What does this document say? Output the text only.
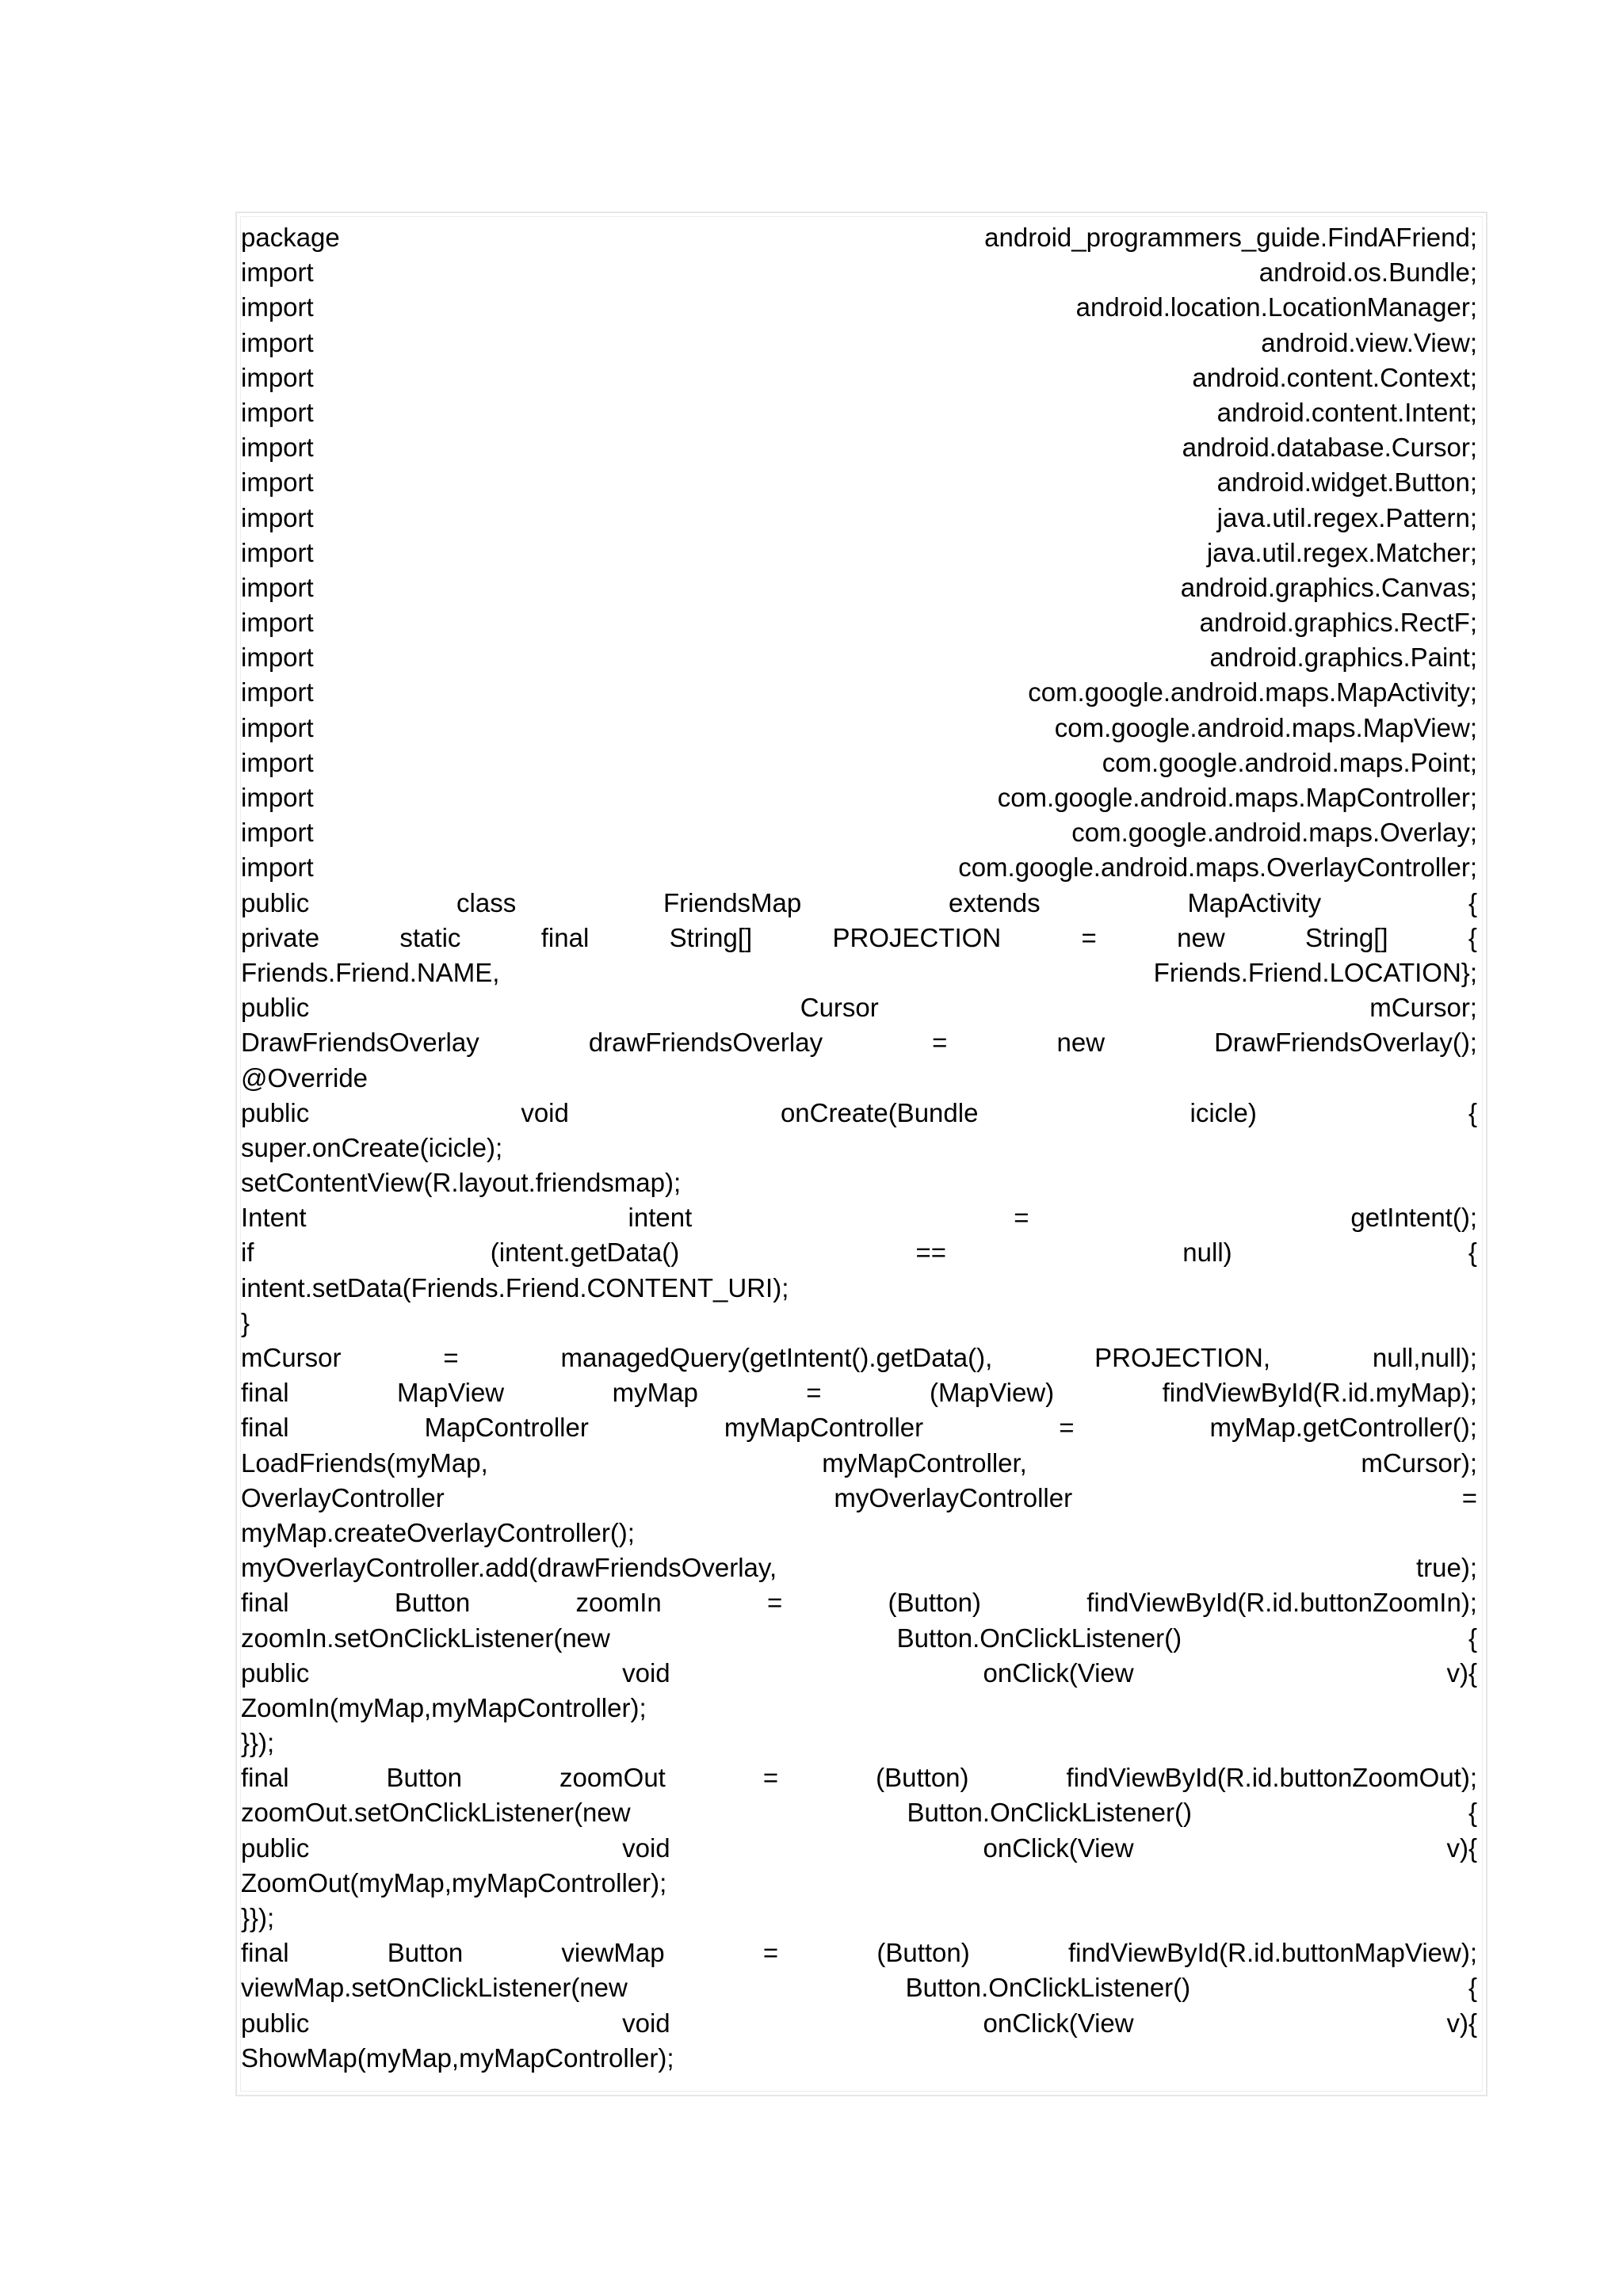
package	android_programmers_guide.FindAFriend;
import	android.os.Bundle;
import	android.location.LocationManager;
import	android.view.View;
import	android.content.Context;
import	android.content.Intent;
import	android.database.Cursor;
import	android.widget.Button;
import	java.util.regex.Pattern;
import	java.util.regex.Matcher;
import	android.graphics.Canvas;
import	android.graphics.RectF;
import	android.graphics.Paint;
import	com.google.android.maps.MapActivity;
import	com.google.android.maps.MapView;
import	com.google.android.maps.Point;
import	com.google.android.maps.MapController;
import	com.google.android.maps.Overlay;
import	com.google.android.maps.OverlayController;
public	class	FriendsMap	extends	MapActivity	{
private	static	final	String[]	PROJECTION	=	new	String[]	{
Friends.Friend.NAME,	Friends.Friend.LOCATION};
public	Cursor	mCursor;
DrawFriendsOverlay	drawFriendsOverlay	=	new	DrawFriendsOverlay();
@Override
public	void	onCreate(Bundle	icicle)	{
super.onCreate(icicle);
setContentView(R.layout.friendsmap);
Intent	intent	=	getIntent();
if	(intent.getData()	==	null)	{
intent.setData(Friends.Friend.CONTENT_URI);
}
mCursor	=	managedQuery(getIntent().getData(),	PROJECTION,	null,null);
final	MapView	myMap	=	(MapView)	findViewById(R.id.myMap);
final	MapController	myMapController	=	myMap.getController();
LoadFriends(myMap,	myMapController,	mCursor);
OverlayController	myOverlayController	=
myMap.createOverlayController();
myOverlayController.add(drawFriendsOverlay,	true);
final	Button	zoomIn	=	(Button)	findViewById(R.id.buttonZoomIn);
zoomIn.setOnClickListener(new	Button.OnClickListener()	{
public	void	onClick(View	v){
ZoomIn(myMap,myMapController);
}});
final	Button	zoomOut	=	(Button)	findViewById(R.id.buttonZoomOut);
zoomOut.setOnClickListener(new	Button.OnClickListener()	{
public	void	onClick(View	v){
ZoomOut(myMap,myMapController);
}});
final	Button	viewMap	=	(Button)	findViewById(R.id.buttonMapView);
viewMap.setOnClickListener(new	Button.OnClickListener()	{
public	void	onClick(View	v){
ShowMap(myMap,myMapController);
